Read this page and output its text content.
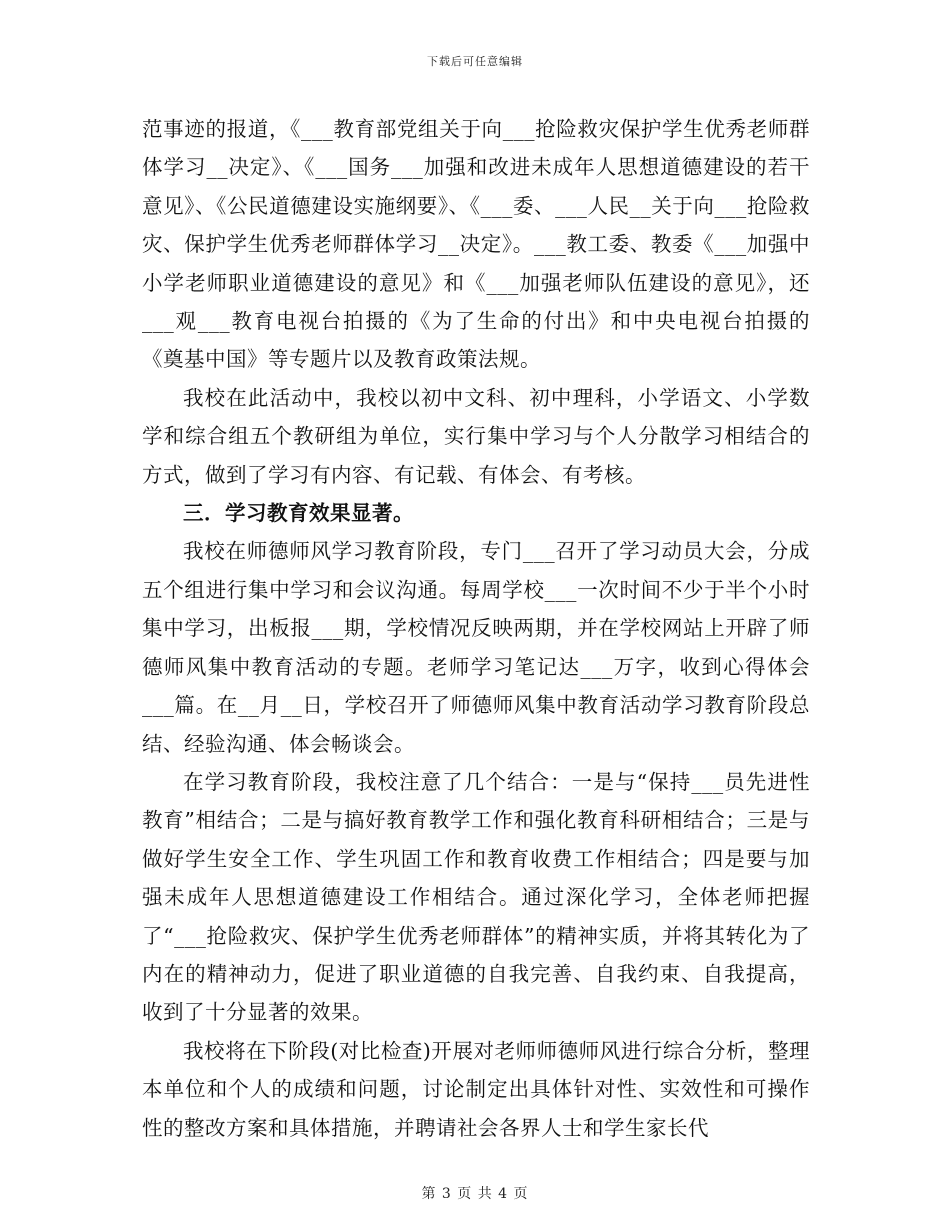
下载后可任意编辑

范事迹的报道，《___教育部党组关于向___抢险救灾保护学生优秀老师群体学习__决定》、《___国务___加强和改进未成年人思想道德建设的若干意见》、《公民道德建设实施纲要》、《___委、___人民__关于向___抢险救灾、保护学生优秀老师群体学习__决定》。___教工委、教委《___加强中小学老师职业道德建设的意见》和《___加强老师队伍建设的意见》，还___观___教育电视台拍摄的《为了生命的付出》和中央电视台拍摄的《奠基中国》等专题片以及教育政策法规。

我校在此活动中，我校以初中文科、初中理科，小学语文、小学数学和综合组五个教研组为单位，实行集中学习与个人分散学习相结合的方式，做到了学习有内容、有记载、有体会、有考核。

三．学习教育效果显著。

我校在师德师风学习教育阶段，专门___召开了学习动员大会，分成五个组进行集中学习和会议沟通。每周学校___一次时间不少于半个小时集中学习，出板报___期，学校情况反映两期，并在学校网站上开辟了师德师风集中教育活动的专题。老师学习笔记达___万字，收到心得体会___篇。在__月__日，学校召开了师德师风集中教育活动学习教育阶段总结、经验沟通、体会畅谈会。

在学习教育阶段，我校注意了几个结合：一是与“保持___员先进性教育”相结合；二是与搞好教育教学工作和强化教育科研相结合；三是与做好学生安全工作、学生巩固工作和教育收费工作相结合；四是要与加强未成年人思想道德建设工作相结合。通过深化学习，全体老师把握了“___抢险救灾、保护学生优秀老师群体”的精神实质，并将其转化为了内在的精神动力，促进了职业道德的自我完善、自我约束、自我提高，收到了十分显著的效果。

我校将在下阶段(对比检查)开展对老师师德师风进行综合分析，整理本单位和个人的成绩和问题，讨论制定出具体针对性、实效性和可操作性的整改方案和具体措施，并聘请社会各界人士和学生家长代

第 3 页 共 4 页
